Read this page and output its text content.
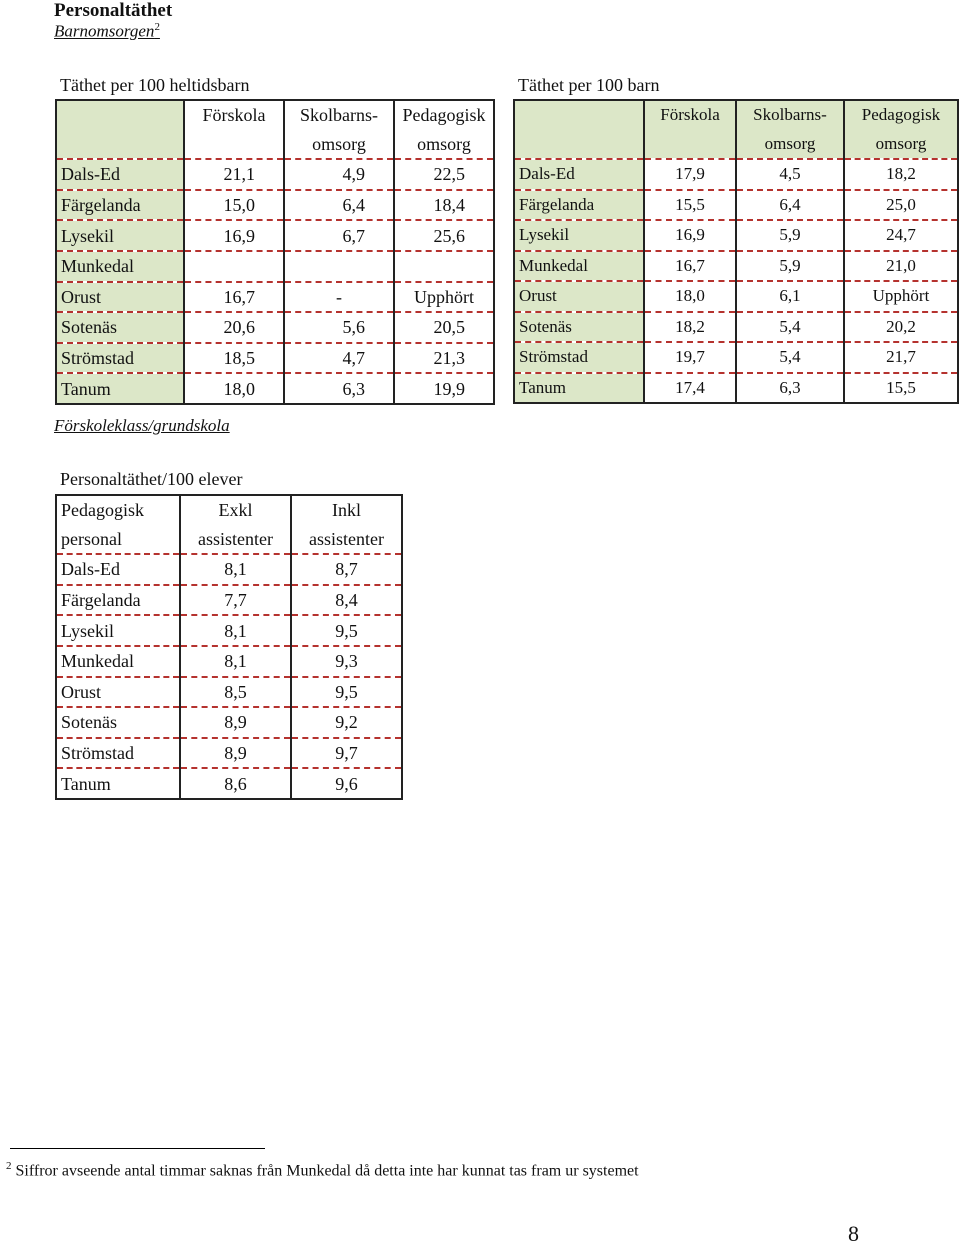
Personaltäthet
Barnomsorgen$^2$
Täthet per 100 heltidsbarn	Täthet per 100 barn
	Förskola	Skolbarns-	Pedagogisk
		omsorg	omsorg
Dals-Ed	21,1	4,9	22,5
Färgelanda	15,0	6,4	18,4
Lysekil	16,9	6,7	25,6
Munkedal			
Orust	16,7	-	Upphört
Sotenäs	20,6	5,6	20,5
Strömstad	18,5	4,7	21,3
Tanum	18,0	6,3	19,9
	Förskola	Skolbarns-	Pedagogisk
		omsorg	omsorg
Dals-Ed	17,9	4,5	18,2
Färgelanda	15,5	6,4	25,0
Lysekil	16,9	5,9	24,7
Munkedal	16,7	5,9	21,0
Orust	18,0	6,1	Upphört
Sotenäs	18,2	5,4	20,2
Strömstad	19,7	5,4	21,7
Tanum	17,4	6,3	15,5
Förskoleklass/grundskola
Personaltäthet/100 elever
Pedagogisk	Exkl	Inkl
personal	assistenter	assistenter
Dals-Ed	8,1	8,7
Färgelanda	7,7	8,4
Lysekil	8,1	9,5
Munkedal	8,1	9,3
Orust	8,5	9,5
Sotenäs	8,9	9,2
Strömstad	8,9	9,7
Tanum	8,6	9,6
$^2$ Siffror avseende antal timmar saknas från Munkedal då detta inte har kunnat tas fram ur systemet
8
